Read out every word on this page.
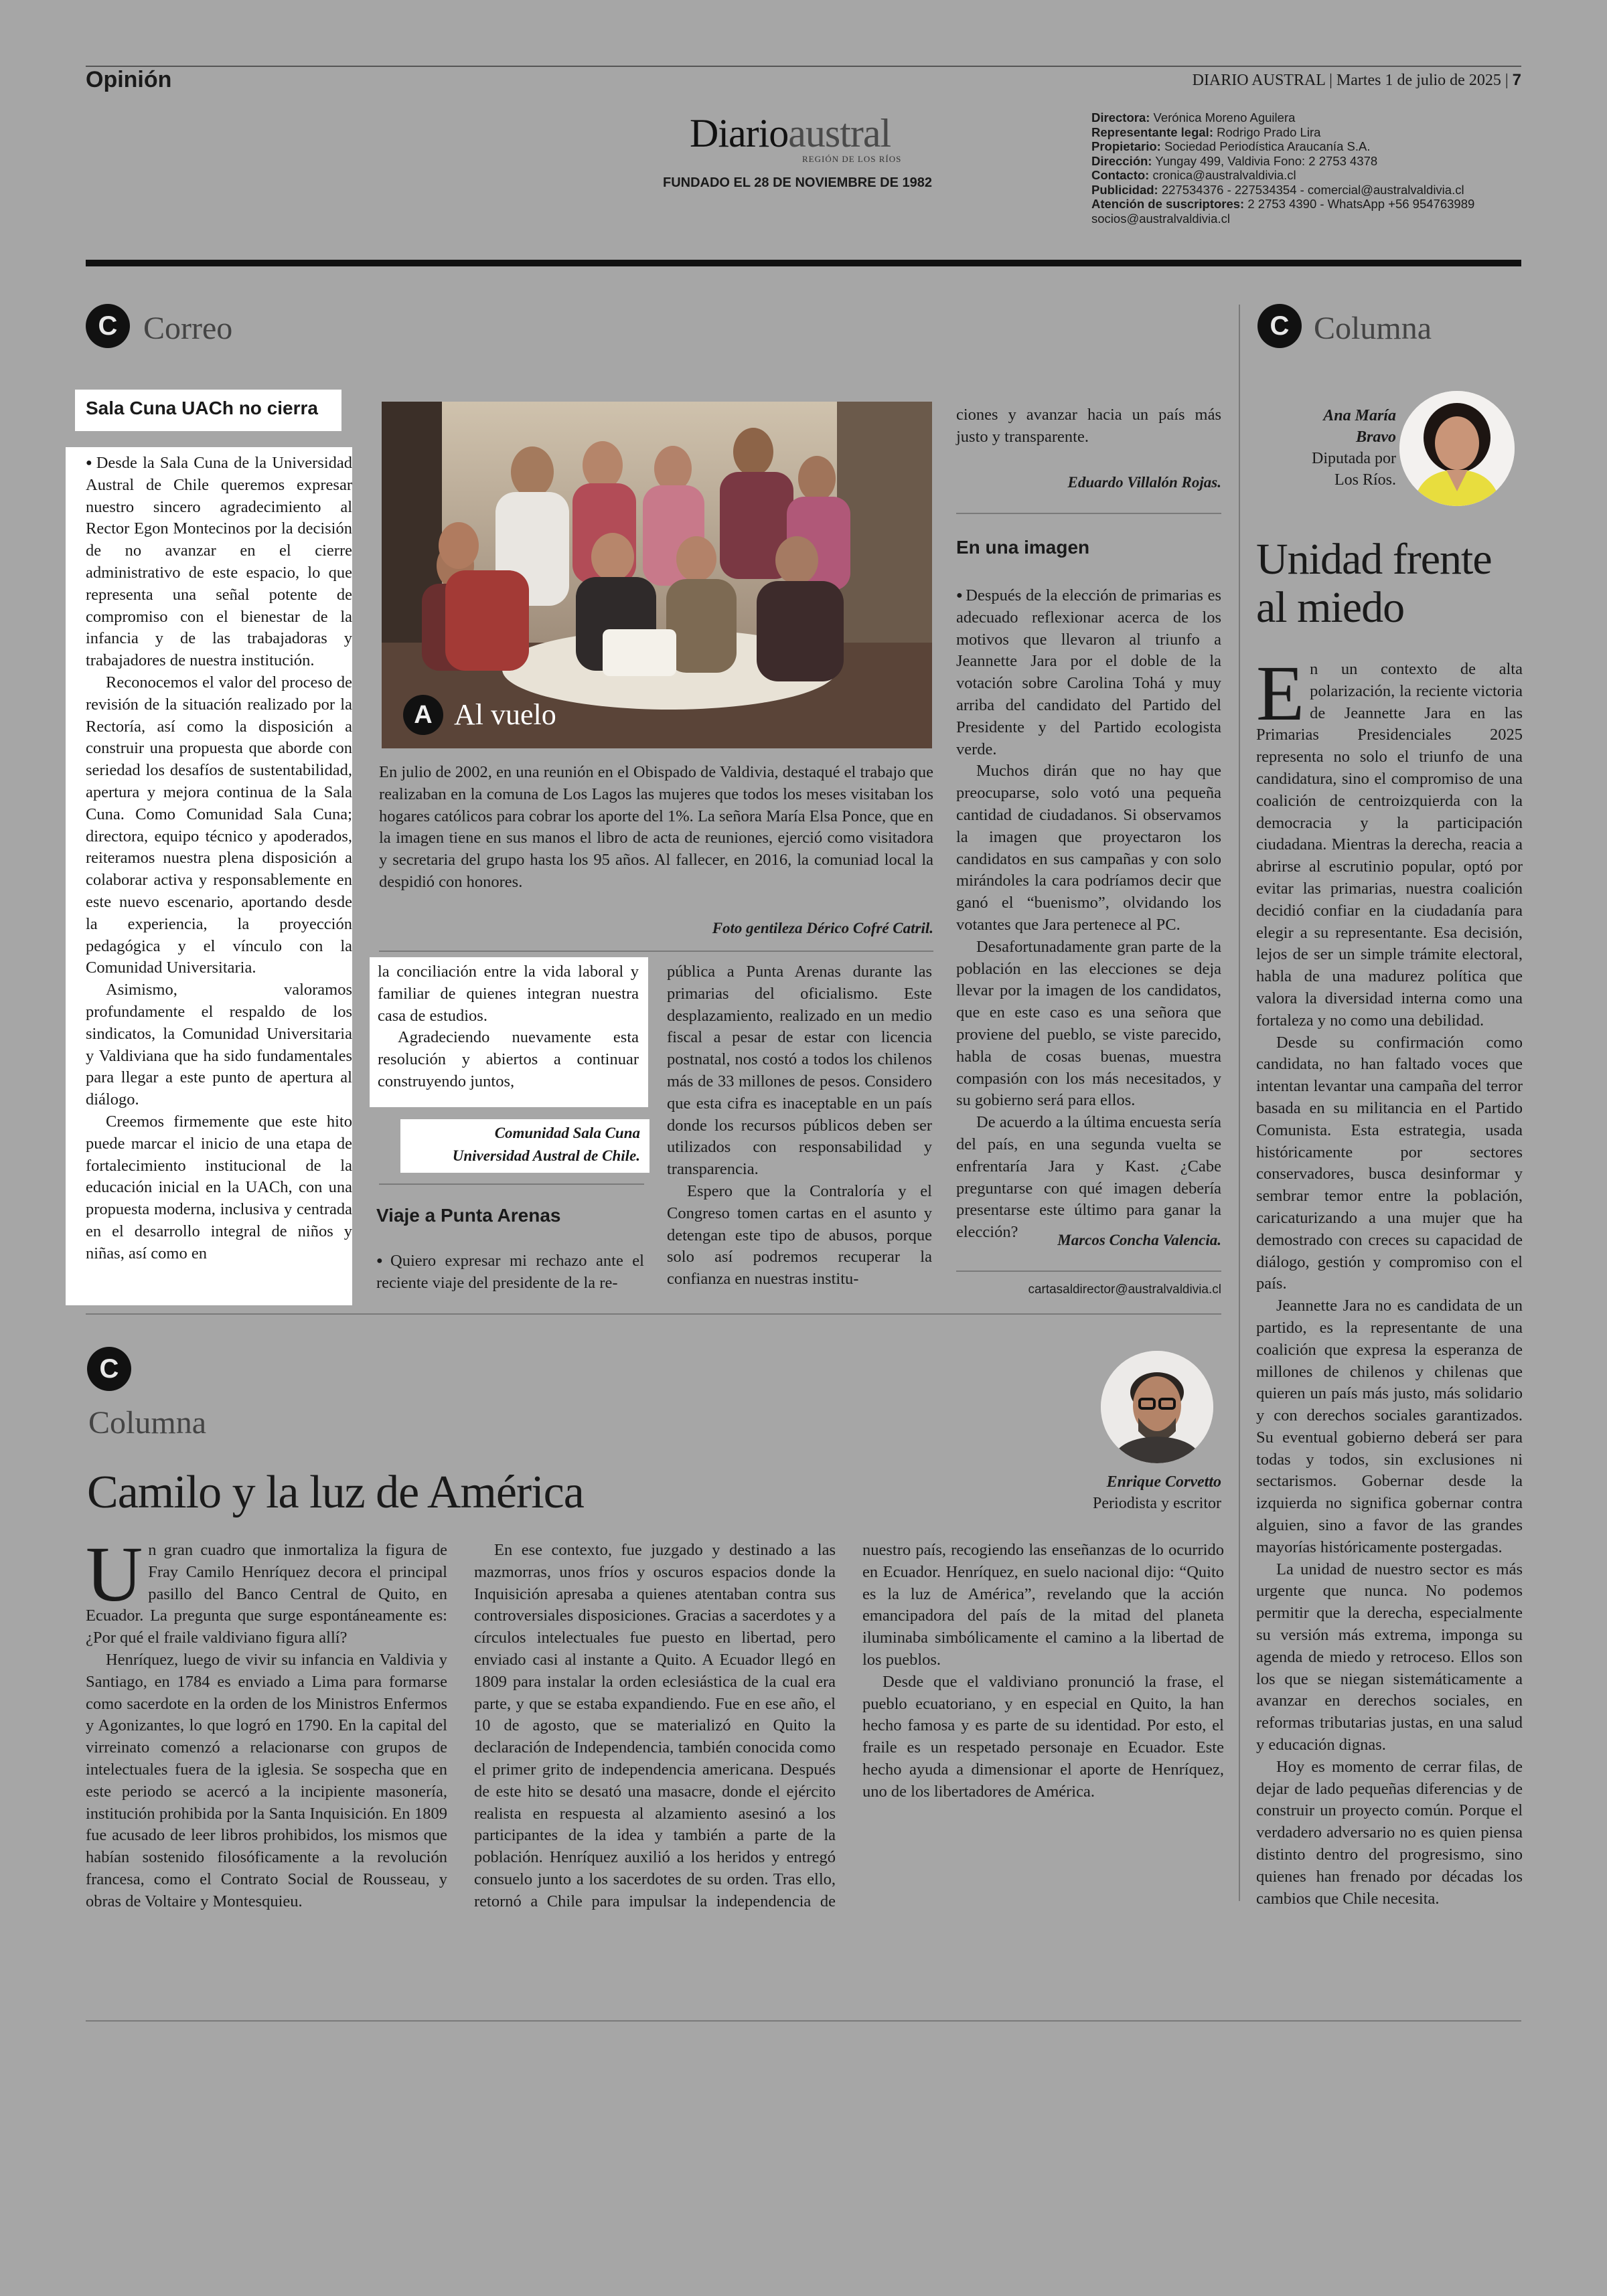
Opinión	DIARIO AUSTRAL | Martes 1 de julio de 2025 | 7
Diarioaustral
REGIÓN DE LOS RÍOS
FUNDADO EL 28 DE NOVIEMBRE DE 1982
Directora: Verónica Moreno Aguilera
Representante legal: Rodrigo Prado Lira
Propietario: Sociedad Periodística Araucanía S.A.
Dirección: Yungay 499, Valdivia Fono: 2 2753 4378
Contacto: cronica@australvaldivia.cl
Publicidad: 227534376 - 227534354 - comercial@australvaldivia.cl
Atención de suscriptores: 2 2753 4390 - WhatsApp +56 954763989
socios@australvaldivia.cl
C Correo
Sala Cuna UACh no cierra

● Desde la Sala Cuna de la Universidad Austral de Chile queremos expresar nuestro sincero agradecimiento al Rector Egon Montecinos por la decisión de no avanzar en el cierre administrativo de este espacio, lo que representa una señal potente de compromiso con el bienestar de la infancia y de las trabajadoras y trabajadores de nuestra institución.

Reconocemos el valor del proceso de revisión de la situación realizado por la Rectoría, así como la disposición a construir una propuesta que aborde con seriedad los desafíos de sustentabilidad, apertura y mejora continua de la Sala Cuna. Como Comunidad Sala Cuna; directora, equipo técnico y apoderados, reiteramos nuestra plena disposición a colaborar activa y responsablemente en este nuevo escenario, aportando desde la experiencia, la proyección pedagógica y el vínculo con la Comunidad Universitaria.

Asimismo, valoramos profundamente el respaldo de los sindicatos, la Comunidad Universitaria y Valdiviana que ha sido fundamentales para llegar a este punto de apertura al diálogo.

Creemos firmemente que este hito puede marcar el inicio de una etapa de fortalecimiento institucional de la educación inicial en la UACh, con una propuesta moderna, inclusiva y centrada en el desarrollo integral de niños y niñas, así como en

A Al vuelo
En julio de 2002, en una reunión en el Obispado de Valdivia, destaqué el trabajo que realizaban en la comuna de Los Lagos las mujeres que todos los meses visitaban los hogares católicos para cobrar los aporte del 1%. La señora María Elsa Ponce, que en la imagen tiene en sus manos el libro de acta de reuniones, ejerció como visitadora y secretaria del grupo hasta los 95 años. Al fallecer, en 2016, la comuniad local la despidió con honores.
Foto gentileza Dérico Cofré Catril.

la conciliación entre la vida laboral y familiar de quienes integran nuestra casa de estudios.

Agradeciendo nuevamente esta resolución y abiertos a continuar construyendo juntos,

Comunidad Sala Cuna
Universidad Austral de Chile.
Viaje a Punta Arenas

● Quiero expresar mi rechazo ante el reciente viaje del presidente de la re-

pública a Punta Arenas durante las primarias del oficialismo. Este desplazamiento, realizado en un medio fiscal a pesar de estar con licencia postnatal, nos costó a todos los chilenos más de 33 millones de pesos. Considero que esta cifra es inaceptable en un país donde los recursos públicos deben ser utilizados con responsabilidad y transparencia.

Espero que la Contraloría y el Congreso tomen cartas en el asunto y detengan este tipo de abusos, porque solo así podremos recuperar la confianza en nuestras institu-

ciones y avanzar hacia un país más justo y transparente.

Eduardo Villalón Rojas.
En una imagen

● Después de la elección de primarias es adecuado reflexionar acerca de los motivos que llevaron al triunfo a Jeannette Jara por el doble de la votación sobre Carolina Tohá y muy arriba del candidato del Partido del Presidente y del Partido ecologista verde.

Muchos dirán que no hay que preocuparse, solo votó una pequeña cantidad de ciudadanos. Si observamos la imagen que proyectaron los candidatos en sus campañas y con solo mirándoles la cara podríamos decir que ganó el “buenismo”, olvidando los votantes que Jara pertenece al PC.

Desafortunadamente gran parte de la población en las elecciones se deja llevar por la imagen de los candidatos, que en este caso es una señora que proviene del pueblo, se viste parecido, habla de cosas buenas, muestra compasión con los más necesitados, y su gobierno será para ellos.

De acuerdo a la última encuesta sería del país, en una segunda vuelta se enfrentaría Jara y Kast. ¿Cabe preguntarse con qué imagen debería presentarse este último para ganar la elección?	Marcos Concha Valencia.
cartasaldirector@australvaldivia.cl
C Columna
Ana María
Bravo
Diputada por
Los Ríos.
Unidad frente
al miedo

En un contexto de alta polarización, la reciente victoria de Jeannette Jara en las Primarias Presidenciales 2025 representa no solo el triunfo de una candidatura, sino el compromiso de una coalición de centroizquierda con la democracia y la participación ciudadana. Mientras la derecha, reacia a abrirse al escrutinio popular, optó por evitar las primarias, nuestra coalición decidió confiar en la ciudadanía para elegir a su representante. Esa decisión, lejos de ser un simple trámite electoral, habla de una madurez política que valora la diversidad interna como una fortaleza y no como una debilidad.

Desde su confirmación como candidata, no han faltado voces que intentan levantar una campaña del terror basada en su militancia en el Partido Comunista. Esta estrategia, usada históricamente por sectores conservadores, busca desinformar y sembrar temor entre la población, caricaturizando a una mujer que ha demostrado con creces su capacidad de diálogo, gestión y compromiso con el país.

Jeannette Jara no es candidata de un partido, es la representante de una coalición que expresa la esperanza de millones de chilenos y chilenas que quieren un país más justo, más solidario y con derechos sociales garantizados. Su eventual gobierno deberá ser para todas y todos, sin exclusiones ni sectarismos. Gobernar desde la izquierda no significa gobernar contra alguien, sino a favor de las grandes mayorías históricamente postergadas.

La unidad de nuestro sector es más urgente que nunca. No podemos permitir que la derecha, especialmente su versión más extrema, imponga su agenda de miedo y retroceso. Ellos son los que se niegan sistemáticamente a avanzar en derechos sociales, en reformas tributarias justas, en una salud y educación dignas.

Hoy es momento de cerrar filas, de dejar de lado pequeñas diferencias y de construir un proyecto común. Porque el verdadero adversario no es quien piensa distinto dentro del progresismo, sino quienes han frenado por décadas los cambios que Chile necesita.

C
Columna
Camilo y la luz de América	Enrique Corvetto
Periodista y escritor

Un gran cuadro que inmortaliza la figura de Fray Camilo Henríquez decora el principal pasillo del Banco Central de Quito, en Ecuador. La pregunta que surge espontáneamente es: ¿Por qué el fraile valdiviano figura allí?

Henríquez, luego de vivir su infancia en Valdivia y Santiago, en 1784 es enviado a Lima para formarse como sacerdote en la orden de los Ministros Enfermos y Agonizantes, lo que logró en 1790. En la capital del virreinato comenzó a relacionarse con grupos de intelectuales fuera de la iglesia. Se sospecha que en este periodo se acercó a la incipiente masonería, institución prohibida por la Santa Inquisición. En 1809 fue acusado de leer libros prohibidos, los mismos que habían sostenido filosóficamente a la revolución francesa, como el Contrato Social de Rousseau, y obras de Voltaire y Montesquieu.

En ese contexto, fue juzgado y destinado a las mazmorras, unos fríos y oscuros espacios donde la Inquisición apresaba a quienes atentaban contra sus controversiales disposiciones. Gracias a sacerdotes y a círculos intelectuales fue puesto en libertad, pero enviado casi al instante a Quito. A Ecuador llegó en 1809 para instalar la orden eclesiástica de la cual era parte, y que se estaba expandiendo. Fue en ese año, el 10 de agosto, que se materializó en Quito la declaración de Independencia, también conocida como el primer grito de independencia americana. Después de este hito se desató una masacre, donde el ejército realista en respuesta al alzamiento asesinó a los participantes de la idea y también a parte de la población. Henríquez auxilió a los heridos y entregó consuelo junto a los sacerdotes de su orden. Tras ello, retornó a Chile para impulsar la independencia de nuestro país, recogiendo las enseñanzas de lo ocurrido en Ecuador. Henríquez, en suelo nacional dijo: “Quito es la luz de América”, revelando que la acción emancipadora del país de la mitad del planeta iluminaba simbólicamente el camino a la libertad de los pueblos.

Desde que el valdiviano pronunció la frase, el pueblo ecuatoriano, y en especial en Quito, la han hecho famosa y es parte de su identidad. Por esto, el fraile es un respetado personaje en Ecuador. Este hecho ayuda a dimensionar el aporte de Henríquez, uno de los libertadores de América.
